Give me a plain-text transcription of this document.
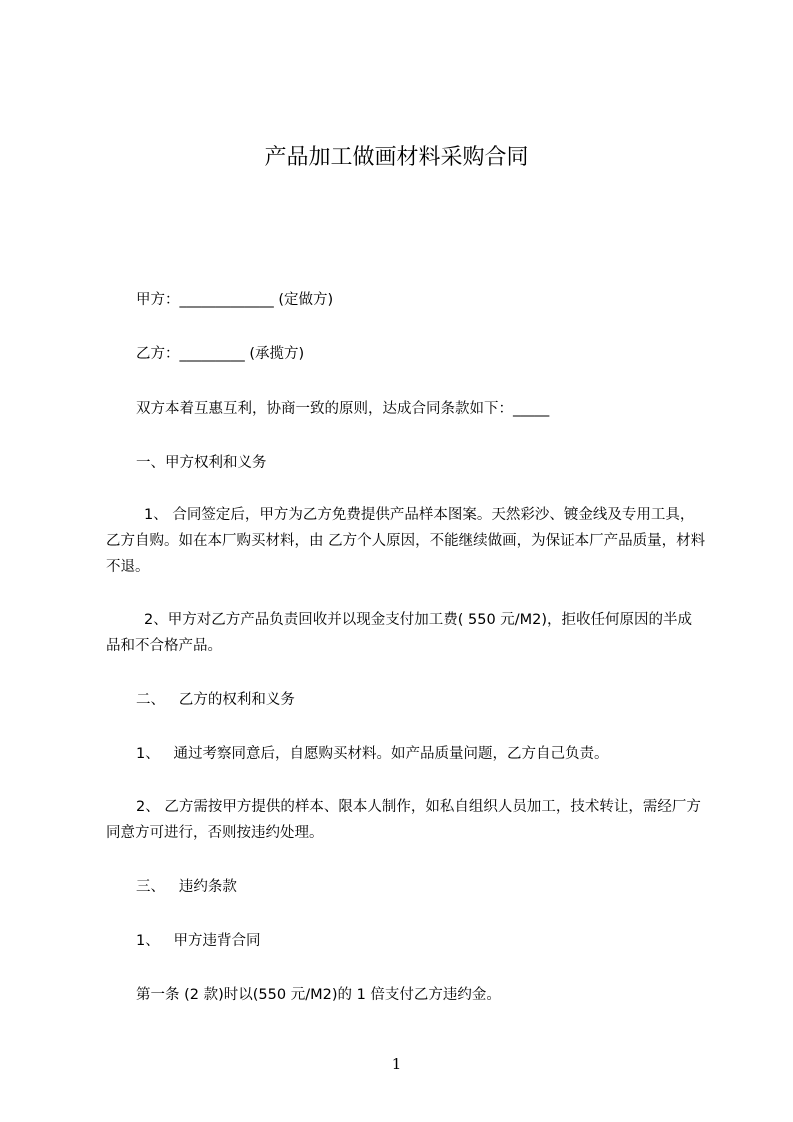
产品加工做画材料采购合同
甲方：_____________ (定做方)
乙方：_________ (承揽方)
双方本着互惠互利，协商一致的原则，达成合同条款如下：_____
一、甲方权利和义务
1、 合同签定后，甲方为乙方免费提供产品样本图案。天然彩沙、镀金线及专用工具，乙方自购。如在本厂购买材料，由 乙方个人原因，不能继续做画，为保证本厂产品质量，材料不退。
2、甲方对乙方产品负责回收并以现金支付加工费( 550 元/M2)，拒收任何原因的半成品和不合格产品。
二、   乙方的权利和义务
1、   通过考察同意后，自愿购买材料。如产品质量问题，乙方自己负责。
2、 乙方需按甲方提供的样本、限本人制作，如私自组织人员加工，技术转让，需经厂方同意方可进行，否则按违约处理。
三、   违约条款
1、   甲方违背合同
第一条 (2 款)时以(550 元/M2)的 1 倍支付乙方违约金。
1
